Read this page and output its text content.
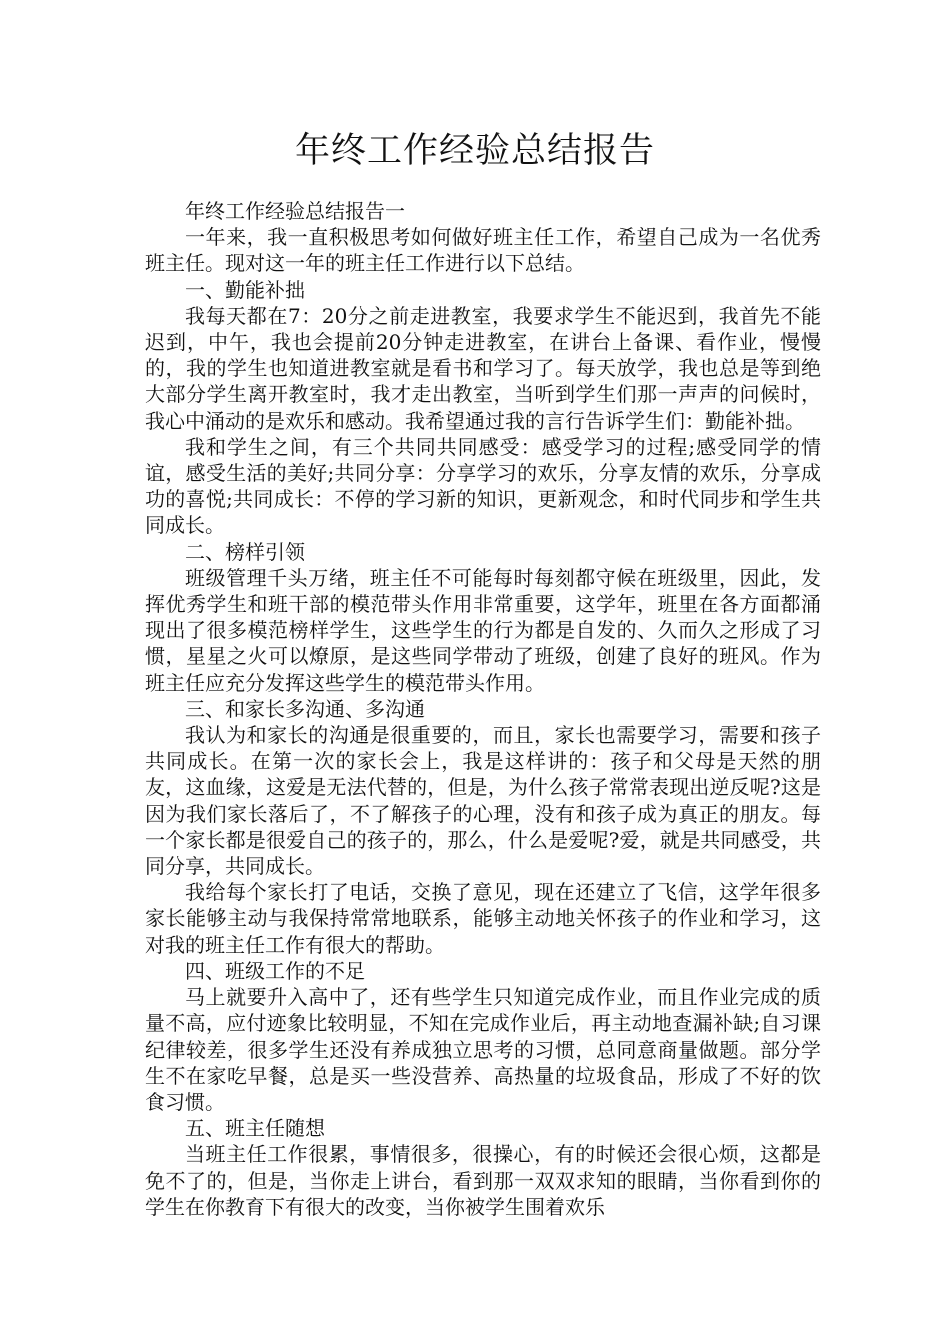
年终工作经验总结报告

年终工作经验总结报告一

一年来，我一直积极思考如何做好班主任工作，希望自己成为一名优秀班主任。现对这一年的班主任工作进行以下总结。

一、勤能补拙

我每天都在7：20分之前走进教室，我要求学生不能迟到，我首先不能迟到，中午，我也会提前20分钟走进教室，在讲台上备课、看作业，慢慢的，我的学生也知道进教室就是看书和学习了。每天放学，我也总是等到绝大部分学生离开教室时，我才走出教室，当听到学生们那一声声的问候时，我心中涌动的是欢乐和感动。我希望通过我的言行告诉学生们：勤能补拙。

我和学生之间，有三个共同共同感受：感受学习的过程;感受同学的情谊，感受生活的美好;共同分享：分享学习的欢乐，分享友情的欢乐，分享成功的喜悦;共同成长：不停的学习新的知识，更新观念，和时代同步和学生共同成长。

二、榜样引领

班级管理千头万绪，班主任不可能每时每刻都守候在班级里，因此，发挥优秀学生和班干部的模范带头作用非常重要，这学年，班里在各方面都涌现出了很多模范榜样学生，这些学生的行为都是自发的、久而久之形成了习惯，星星之火可以燎原，是这些同学带动了班级，创建了良好的班风。作为班主任应充分发挥这些学生的模范带头作用。

三、和家长多沟通、多沟通

我认为和家长的沟通是很重要的，而且，家长也需要学习，需要和孩子共同成长。在第一次的家长会上，我是这样讲的：孩子和父母是天然的朋友，这血缘，这爱是无法代替的，但是，为什么孩子常常表现出逆反呢?这是因为我们家长落后了，不了解孩子的心理，没有和孩子成为真正的朋友。每一个家长都是很爱自己的孩子的，那么，什么是爱呢?爱，就是共同感受，共同分享，共同成长。

我给每个家长打了电话，交换了意见，现在还建立了飞信，这学年很多家长能够主动与我保持常常地联系，能够主动地关怀孩子的作业和学习，这对我的班主任工作有很大的帮助。

四、班级工作的不足

马上就要升入高中了，还有些学生只知道完成作业，而且作业完成的质量不高，应付迹象比较明显，不知在完成作业后，再主动地查漏补缺;自习课纪律较差，很多学生还没有养成独立思考的习惯，总同意商量做题。部分学生不在家吃早餐，总是买一些没营养、高热量的垃圾食品，形成了不好的饮食习惯。

五、班主任随想

当班主任工作很累，事情很多，很操心，有的时候还会很心烦，这都是免不了的，但是，当你走上讲台，看到那一双双求知的眼睛，当你看到你的学生在你教育下有很大的改变，当你被学生围着欢乐
